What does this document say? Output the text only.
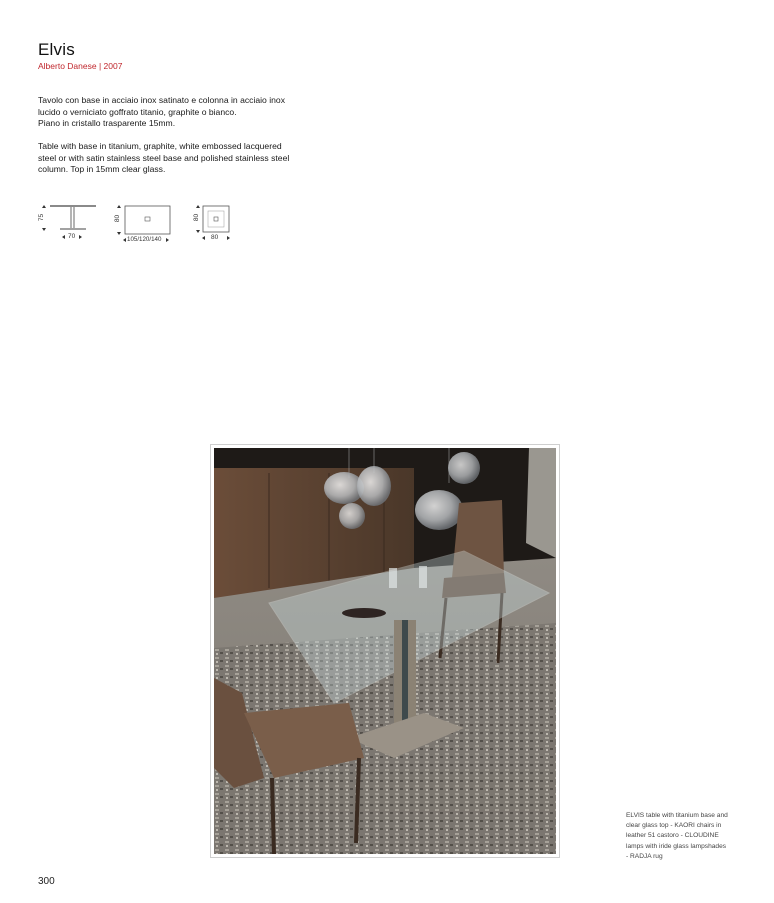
Elvis
Alberto Danese | 2007
Tavolo con base in acciaio inox satinato e colonna in acciaio inox
lucido o verniciato goffrato titanio, graphite o bianco.
Piano in cristallo trasparente 15mm.
Table with base in titanium, graphite, white embossed lacquered
steel or with satin stainless steel base and polished stainless steel
column. Top in 15mm clear glass.
75
70
80
105/120/140
80
80
ELVIS table with titanium base and
clear glass top - KAORI chairs in
leather 51 castoro - CLOUDINE
lamps with iride glass lampshades
- RADJA rug
300
